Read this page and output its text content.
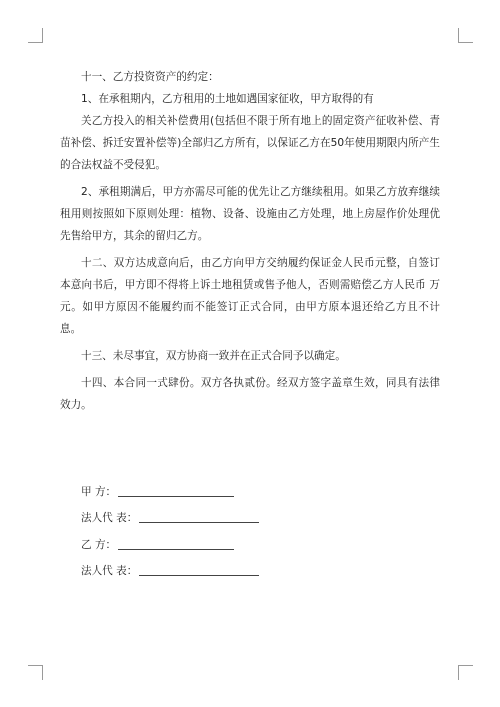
十一、乙方投资资产的约定：

1、在承租期内，乙方租用的土地如遇国家征收，甲方取得的有

关乙方投入的相关补偿费用(包括但不限于所有地上的固定资产征收补偿、青苗补偿、拆迁安置补偿等)全部归乙方所有，以保证乙方在50年使用期限内所产生的合法权益不受侵犯。

2、承租期满后，甲方亦需尽可能的优先让乙方继续租用。如果乙方放弃继续租用则按照如下原则处理：植物、设备、设施由乙方处理，地上房屋作价处理优先售给甲方，其余的留归乙方。

十二、双方达成意向后，由乙方向甲方交纳履约保证金人民币元整，自签订本意向书后，甲方即不得将上诉土地租赁或售予他人，否则需赔偿乙方人民币 万元。如甲方原因不能履约而不能签订正式合同，由甲方原本退还给乙方且不计息。

十三、未尽事宜，双方协商一致并在正式合同予以确定。

十四、本合同一式肆份。双方各执贰份。经双方签字盖章生效，同具有法律效力。

甲 方：
法人代 表：
乙 方：
法人代 表：
